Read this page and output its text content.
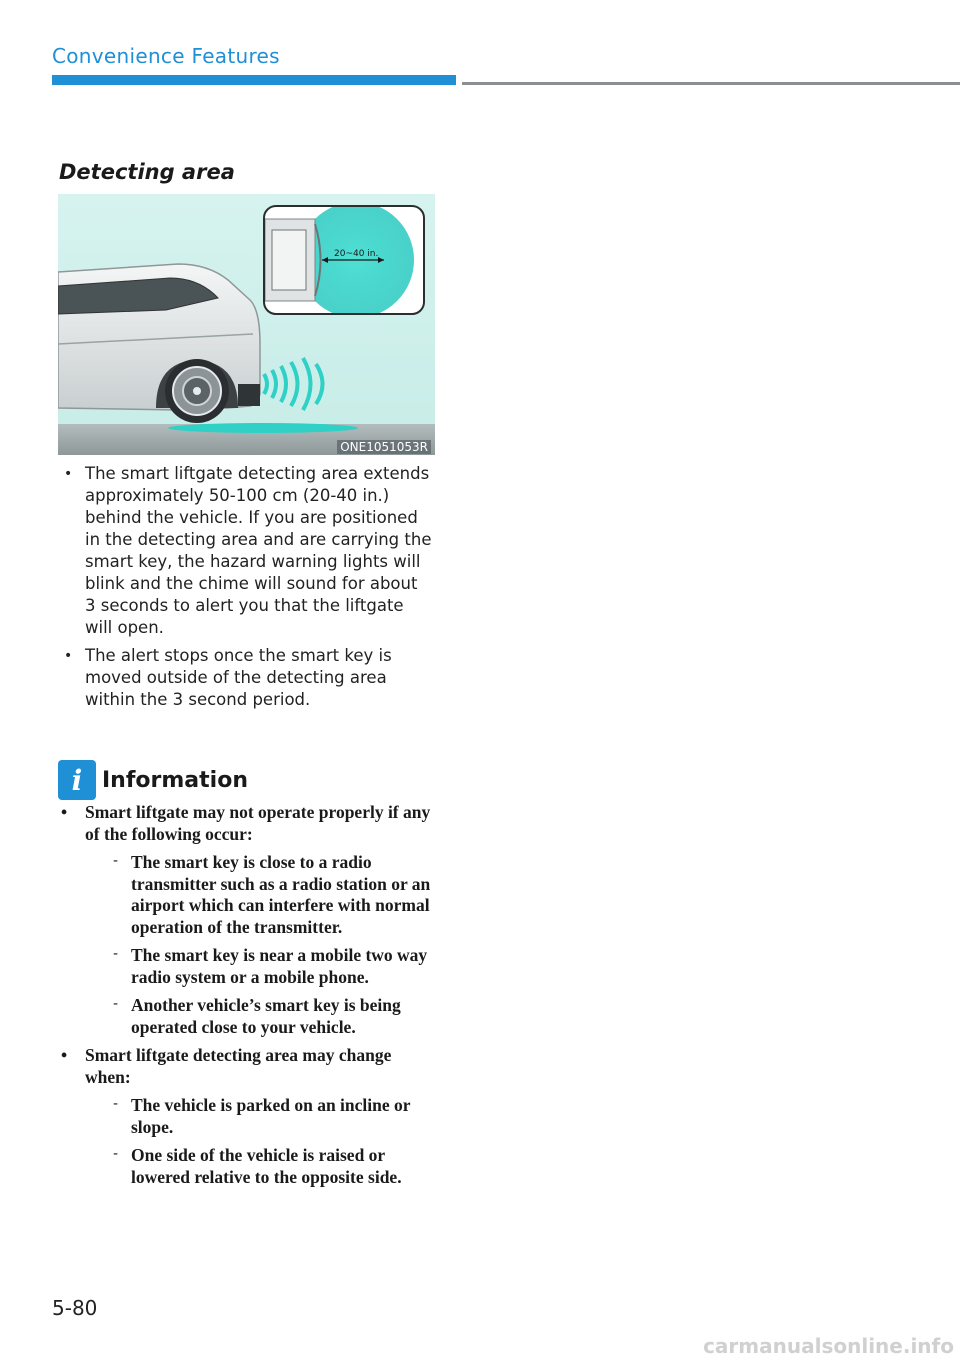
Convenience Features
Detecting area
20~40 in.
ONE1051053R
• The smart liftgate detecting area extends approximately 50-100 cm (20-40 in.) behind the vehicle. If you are positioned in the detecting area and are carrying the smart key, the hazard warning lights will blink and the chime will sound for about 3 seconds to alert you that the liftgate will open.
• The alert stops once the smart key is moved outside of the detecting area within the 3 second period.
i Information
• Smart liftgate may not operate properly if any of the following occur:
- The smart key is close to a radio transmitter such as a radio station or an airport which can interfere with normal operation of the transmitter.
- The smart key is near a mobile two way radio system or a mobile phone.
- Another vehicle’s smart key is being operated close to your vehicle.
• Smart liftgate detecting area may change when:
- The vehicle is parked on an incline or slope.
- One side of the vehicle is raised or lowered relative to the opposite side.
5-80
carmanualsonline.info
